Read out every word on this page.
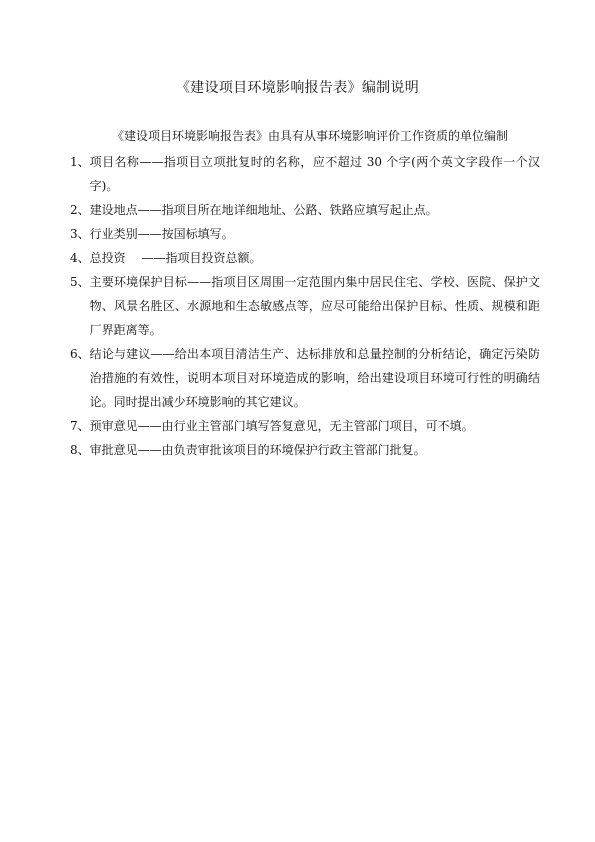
《建设项目环境影响报告表》编制说明
《建设项目环境影响报告表》由具有从事环境影响评价工作资质的单位编制
1、 项目名称——指项目立项批复时的名称，应不超过 30 个字(两个英文字段作一个汉字)。
2、 建设地点——指项目所在地详细地址、公路、铁路应填写起止点。
3、 行业类别——按国标填写。
4、 总投资　 ——指项目投资总额。
5、 主要环境保护目标——指项目区周围一定范围内集中居民住宅、学校、医院、保护文物、风景名胜区、水源地和生态敏感点等，应尽可能给出保护目标、性质、规模和距厂界距离等。
6、 结论与建议——给出本项目清洁生产、达标排放和总量控制的分析结论，确定污染防治措施的有效性，说明本项目对环境造成的影响，给出建设项目环境可行性的明确结论。同时提出减少环境影响的其它建议。
7、 预审意见——由行业主管部门填写答复意见，无主管部门项目，可不填。
8、 审批意见——由负责审批该项目的环境保护行政主管部门批复。
